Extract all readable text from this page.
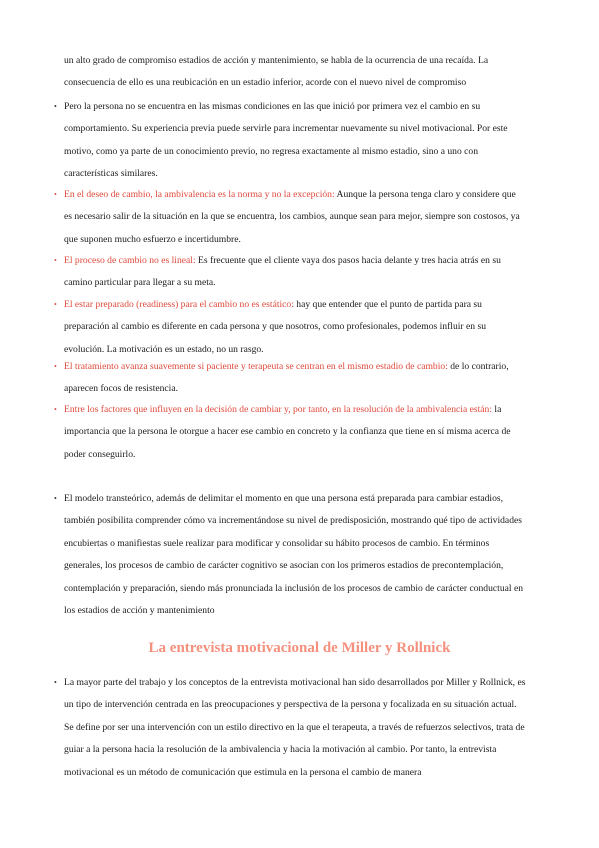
un alto grado de compromiso estadios de acción y mantenimiento, se habla de la ocurrencia de una recaída. La consecuencia de ello es una reubicación en un estadio inferior, acorde con el nuevo nivel de compromiso

• Pero la persona no se encuentra en las mismas condiciones en las que inició por primera vez el cambio en su comportamiento. Su experiencia previa puede servirle para incrementar nuevamente su nivel motivacional. Por este motivo, como ya parte de un conocimiento previo, no regresa exactamente al mismo estadio, sino a uno con características similares.

• En el deseo de cambio, la ambivalencia es la norma y no la excepción: Aunque la persona tenga claro y considere que es necesario salir de la situación en la que se encuentra, los cambios, aunque sean para mejor, siempre son costosos, ya que suponen mucho esfuerzo e incertidumbre.

• El proceso de cambio no es lineal: Es frecuente que el cliente vaya dos pasos hacia delante y tres hacia atrás en su camino particular para llegar a su meta.

• El estar preparado (readiness) para el cambio no es estático: hay que entender que el punto de partida para su preparación al cambio es diferente en cada persona y que nosotros, como profesionales, podemos influir en su evolución. La motivación es un estado, no un rasgo.

• El tratamiento avanza suavemente si paciente y terapeuta se centran en el mismo estadio de cambio: de lo contrario, aparecen focos de resistencia.

• Entre los factores que influyen en la decisión de cambiar y, por tanto, en la resolución de la ambivalencia están: la importancia que la persona le otorgue a hacer ese cambio en concreto y la confianza que tiene en sí misma acerca de poder conseguirlo.

• El modelo transteórico, además de delimitar el momento en que una persona está preparada para cambiar estadios, también posibilita comprender cómo va incrementándose su nivel de predisposición, mostrando qué tipo de actividades encubiertas o manifiestas suele realizar para modificar y consolidar su hábito procesos de cambio. En términos generales, los procesos de cambio de carácter cognitivo se asocian con los primeros estadios de precontemplación, contemplación y preparación, siendo más pronunciada la inclusión de los procesos de cambio de carácter conductual en los estadios de acción y mantenimiento

La entrevista motivacional de Miller y Rollnick

• La mayor parte del trabajo y los conceptos de la entrevista motivacional han sido desarrollados por Miller y Rollnick, es un tipo de intervención centrada en las preocupaciones y perspectiva de la persona y focalizada en su situación actual. Se define por ser una intervención con un estilo directivo en la que el terapeuta, a través de refuerzos selectivos, trata de guiar a la persona hacia la resolución de la ambivalencia y hacia la motivación al cambio. Por tanto, la entrevista motivacional es un método de comunicación que estimula en la persona el cambio de manera
